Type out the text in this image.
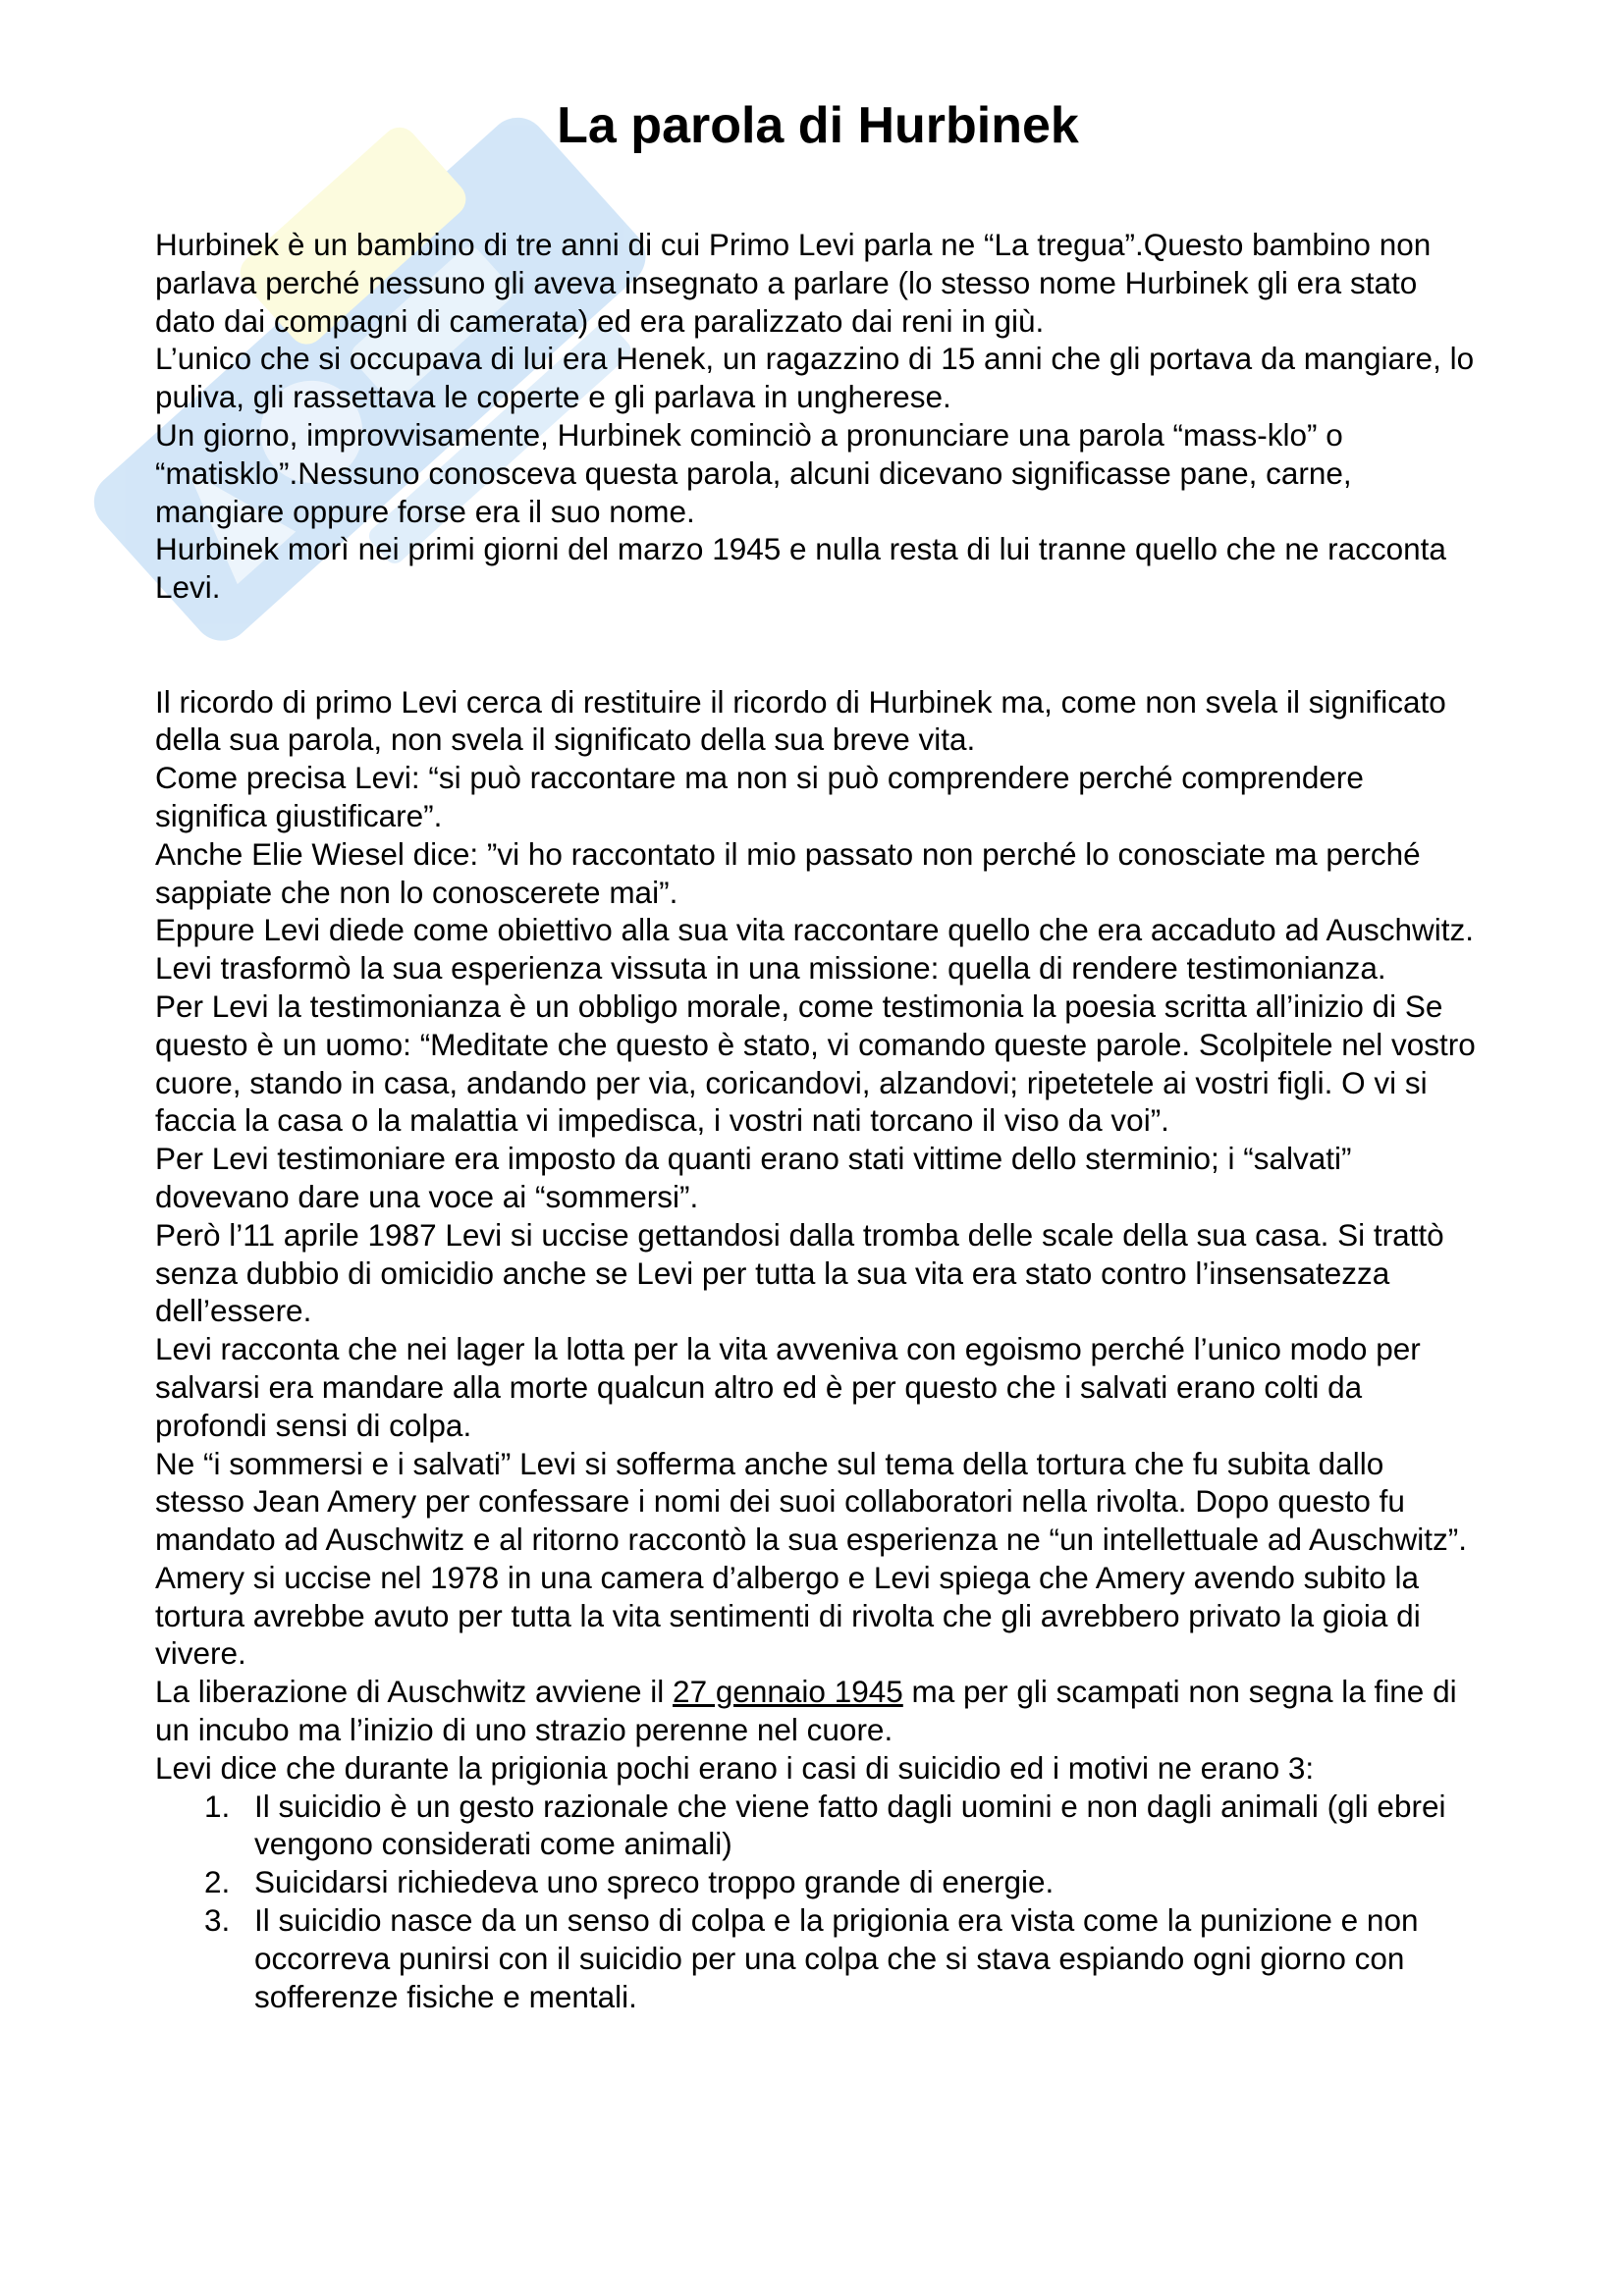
La parola di Hurbinek

Hurbinek è un bambino di tre anni di cui Primo Levi parla ne “La tregua”.Questo bambino non parlava perché nessuno gli aveva insegnato a parlare (lo stesso nome Hurbinek gli era stato dato dai compagni di camerata) ed era paralizzato dai reni in giù.

L’unico che si occupava di lui era Henek, un ragazzino di 15 anni che gli portava da mangiare, lo puliva, gli rassettava le coperte e gli parlava in ungherese.

Un giorno, improvvisamente, Hurbinek cominciò a pronunciare una parola “mass-klo” o “matisklo”.Nessuno conosceva questa parola, alcuni dicevano significasse pane, carne, mangiare oppure forse era il suo nome.

Hurbinek morì nei primi giorni del marzo 1945 e nulla resta di lui tranne quello che ne racconta Levi.

Il ricordo di primo Levi cerca di restituire il ricordo di Hurbinek ma, come non svela il significato della sua parola, non svela il significato della sua breve vita.

Come precisa Levi: “si può raccontare ma non si può comprendere perché comprendere significa giustificare”.

Anche Elie Wiesel dice: ”vi ho raccontato il mio passato non perché lo conosciate ma perché sappiate che non lo conoscerete mai”.

Eppure Levi diede come obiettivo alla sua vita raccontare quello che era accaduto ad Auschwitz. Levi trasformò la sua esperienza vissuta in una missione: quella di rendere testimonianza.

Per Levi la testimonianza è un obbligo morale, come testimonia la poesia scritta all’inizio di Se questo è un uomo: “Meditate che questo è stato, vi comando queste parole. Scolpitele nel vostro cuore, stando in casa, andando per via, coricandovi, alzandovi; ripetetele ai vostri figli. O vi si faccia la casa o la malattia vi impedisca, i vostri nati torcano il viso da voi”.

Per Levi testimoniare era imposto da quanti erano stati vittime dello sterminio; i “salvati” dovevano dare una voce ai “sommersi”.

Però l’11 aprile 1987 Levi si uccise gettandosi dalla tromba delle scale della sua casa. Si trattò senza dubbio di omicidio anche se Levi per tutta la sua vita era stato contro l’insensatezza dell’essere.

Levi racconta che nei lager la lotta per la vita avveniva con egoismo perché l’unico modo per salvarsi era mandare alla morte qualcun altro ed è per questo che i salvati erano colti da profondi sensi di colpa.

Ne “i sommersi e i salvati” Levi si sofferma anche sul tema della tortura che fu subita dallo stesso Jean Amery per confessare i nomi dei suoi collaboratori nella rivolta. Dopo questo fu mandato ad Auschwitz e al ritorno raccontò la sua esperienza ne “un intellettuale ad Auschwitz”.

Amery si uccise nel 1978 in una camera d’albergo e Levi spiega che Amery avendo subito la tortura avrebbe avuto per tutta la vita sentimenti di rivolta che gli avrebbero privato la gioia di vivere.

La liberazione di Auschwitz avviene il 27 gennaio 1945 ma per gli scampati non segna la fine di un incubo ma l’inizio di uno strazio perenne nel cuore.

Levi dice che durante la prigionia pochi erano i casi di suicidio ed i motivi ne erano 3:

1. Il suicidio è un gesto razionale che viene fatto dagli uomini e non dagli animali (gli ebrei vengono considerati come animali)
2. Suicidarsi richiedeva uno spreco troppo grande di energie.
3. Il suicidio nasce da un senso di colpa e la prigionia era vista come la punizione e non occorreva punirsi con il suicidio per una colpa che si stava espiando ogni giorno con sofferenze fisiche e mentali.
